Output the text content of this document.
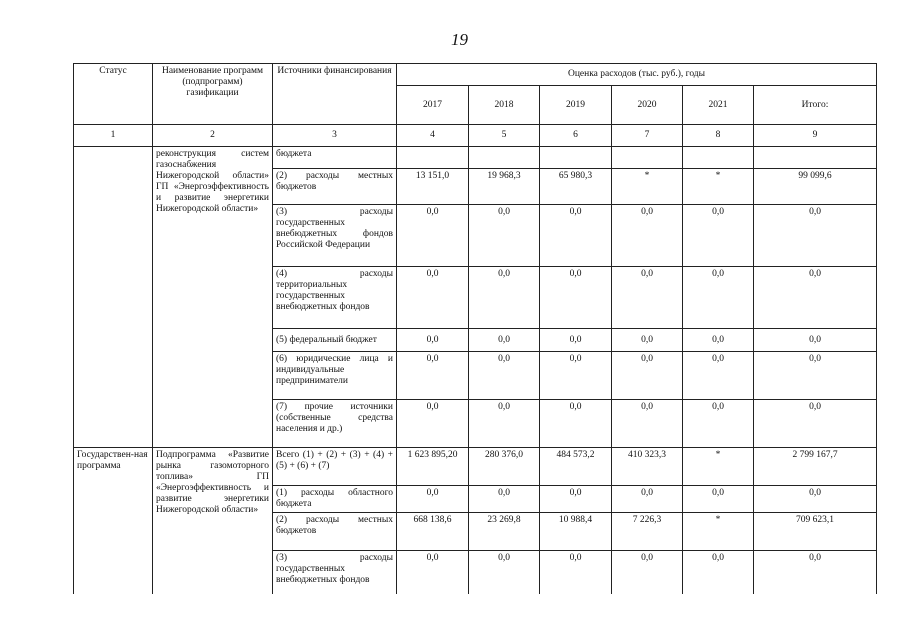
19
Статус	Наименование программ (подпрограмм) газификации	Источники финансирования	Оценка расходов (тыс. руб.), годы					
			2017	2018	2019	2020	2021	Итого:
1	2	3	4	5	6	7	8	9
	реконструкция систем газоснабжения Нижегородской области» ГП «Энергоэффективность и развитие энергетики Нижегородской области»	бюджета						
		(2) расходы местных бюджетов	13 151,0	19 968,3	65 980,3	*	*	99 099,6
		(3) расходы государственных внебюджетных фондов Российской Федерации	0,0	0,0	0,0	0,0	0,0	0,0
		(4) расходы территориальных государственных внебюджетных фондов	0,0	0,0	0,0	0,0	0,0	0,0
		(5) федеральный бюджет	0,0	0,0	0,0	0,0	0,0	0,0
		(6) юридические лица и индивидуальные предприниматели	0,0	0,0	0,0	0,0	0,0	0,0
		(7) прочие источники (собственные средства населения и др.)	0,0	0,0	0,0	0,0	0,0	0,0
Государствен-ная программа	Подпрограмма «Развитие рынка газомоторного топлива» ГП «Энергоэффективность и развитие энергетики Нижегородской области»	Всего (1) + (2) + (3) + (4) + (5) + (6) + (7)	1 623 895,20	280 376,0	484 573,2	410 323,3	*	2 799 167,7
		(1) расходы областного бюджета	0,0	0,0	0,0	0,0	0,0	0,0
		(2) расходы местных бюджетов	668 138,6	23 269,8	10 988,4	7 226,3	*	709 623,1
		(3) расходы государственных внебюджетных фондов	0,0	0,0	0,0	0,0	0,0	0,0
